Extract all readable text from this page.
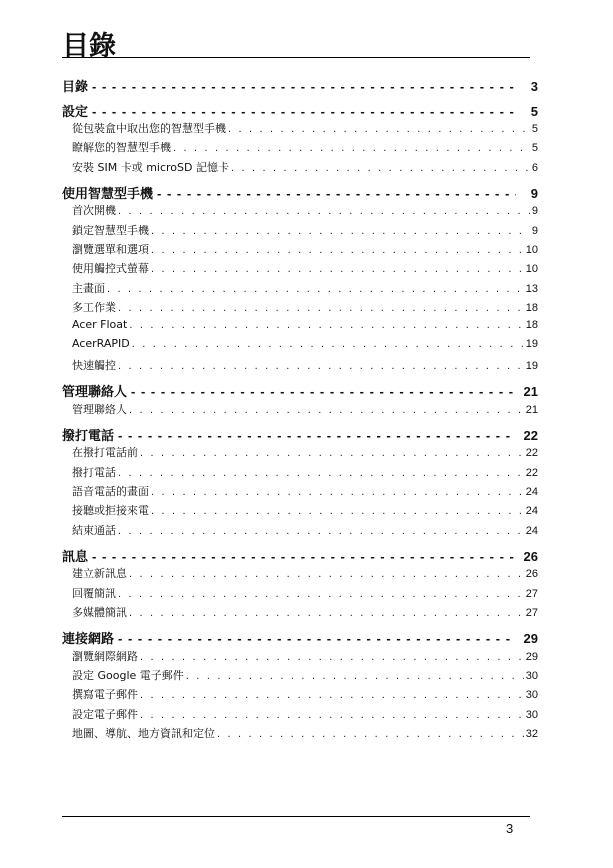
目錄
目錄 - - -	3
設定 - - -	5
從包裝盒中取出您的智慧型手機 . . .	5
瞭解您的智慧型手機 . . .	5
安裝 SIM 卡或 microSD 記憶卡 . . .	6
使用智慧型手機 - - -	9
首次開機 . . .	9
鎖定智慧型手機 . . .	9
瀏覽選單和選項 . . .	10
使用觸控式螢幕 . . .	10
主畫面 . . .	13
多工作業 . . .	18
Acer Float . . .	18
AcerRAPID . . .	19
快速觸控 . . .	19
管理聯絡人 - - -	21
管理聯絡人 . . .	21
撥打電話 - - -	22
在撥打電話前 . . .	22
撥打電話 . . .	22
語音電話的畫面 . . .	24
接聽或拒接來電 . . .	24
結束通話 . . .	24
訊息 - - -	26
建立新訊息 . . .	26
回覆簡訊 . . .	27
多媒體簡訊 . . .	27
連接網路 - - -	29
瀏覽網際網路 . . .	29
設定 Google 電子郵件 . . .	30
撰寫電子郵件 . . .	30
設定電子郵件 . . .	30
地圖、導航、地方資訊和定位 . . .	32
3
